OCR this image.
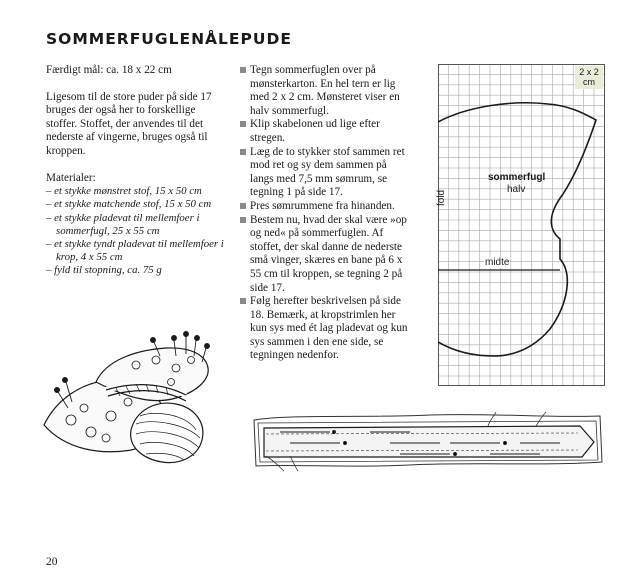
SOMMERFUGLENÅLEPUDE

Færdigt mål: ca. 18 x 22 cm

Ligesom til de store puder på side 17 bruges der også her to forskellige stoffer. Stoffet, der anvendes til det nederste af vingerne, bruges også til kroppen.

Materialer:

– et stykke mønstret stof, 15 x 50 cm
– et stykke matchende stof, 15 x 50 cm
– et stykke pladevat til mellemfoer i sommerfugl, 25 x 55 cm
– et stykke tyndt pladevat til mellemfoer i krop, 4 x 55 cm
– fyld til stopning, ca. 75 g
Tegn sommerfuglen over på mønsterkarton. En hel tern er lig med 2 x 2 cm. Mønsteret viser en halv sommerfugl.
Klip skabelonen ud lige efter stregen.
Læg de to stykker stof sammen ret mod ret og sy dem sammen på langs med 7,5 mm sømrum, se tegning 1 på side 17.
Pres sømrummene fra hinanden.
Bestem nu, hvad der skal være »op og ned« på sommerfuglen. Af stoffet, der skal danne de nederste små vinger, skæres en bane på 6 x 55 cm til kroppen, se tegning 2 på side 17.
Følg herefter beskrivelsen på side 18. Bemærk, at kropstrimlen her kun sys med ét lag pladevat og kun sys sammen i den ene side, se tegningen nedenfor.
2 x 2
cm
sommerfugl
halv
fold
midte
20
